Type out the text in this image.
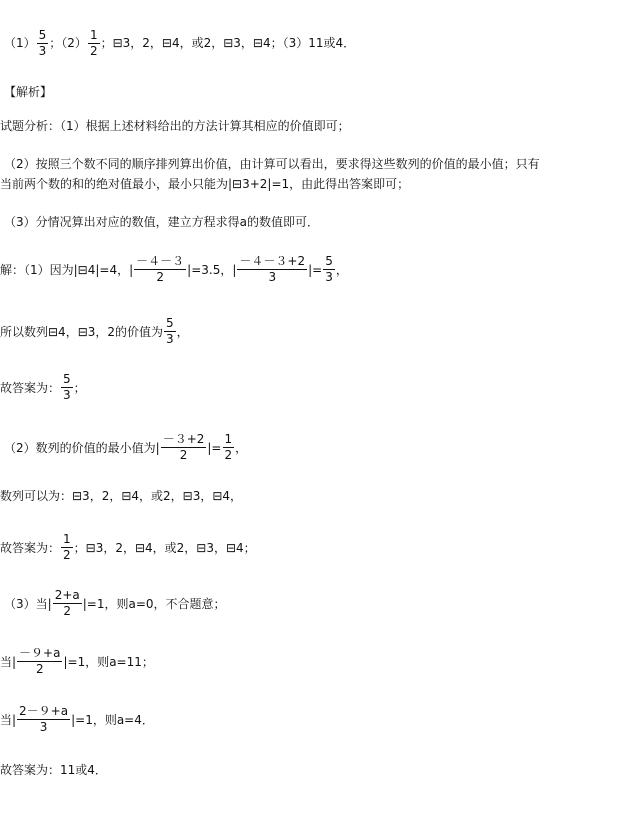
$(1) \frac{5}{3}$ ；$(2) \frac{1}{2}$ ；⊟3，2，⊟4，或2，⊟3，⊟4；（3）11或4．
【解析】
试题分析：（1）根据上述材料给出的方法计算其相应的价值即可；
（2）按照三个数不同的顺序排列算出价值，由计算可以看出，要求得这些数列的价值的最小值；只有
当前两个数的和的绝对值最小，最小只能为|⊟3+2|=1，由此得出答案即可；
（3）分情况算出对应的数值，建立方程求得a的数值即可．
解：（1）因为|⊟4|=4，| $\frac{-4-3}{2} |=3.5$，| $\frac{-4-3+2}{3}$ |= $\frac{5}{3}$ ，
所以数列⊟4，⊟3，2的价值为 $\frac{5}{3}$ ，
故答案为： $\frac{5}{3}$ ；
（2）数列的价值的最小值为| $\frac{-3+2}{2}$ |= $\frac{1}{2}$ ，
数列可以为：⊟3，2，⊟4，或2，⊟3，⊟4，
故答案为： $\frac{1}{2}$ ；⊟3，2，⊟4，或2，⊟3，⊟4；
（3）当| $\frac{2+a}{2} |=1$，则a=0，不合题意；
当| $\frac{-9+a}{2} |=1$，则a=11；
当| $\frac{2-9+a}{3} |=1$，则a=4．
故答案为：11或4．
